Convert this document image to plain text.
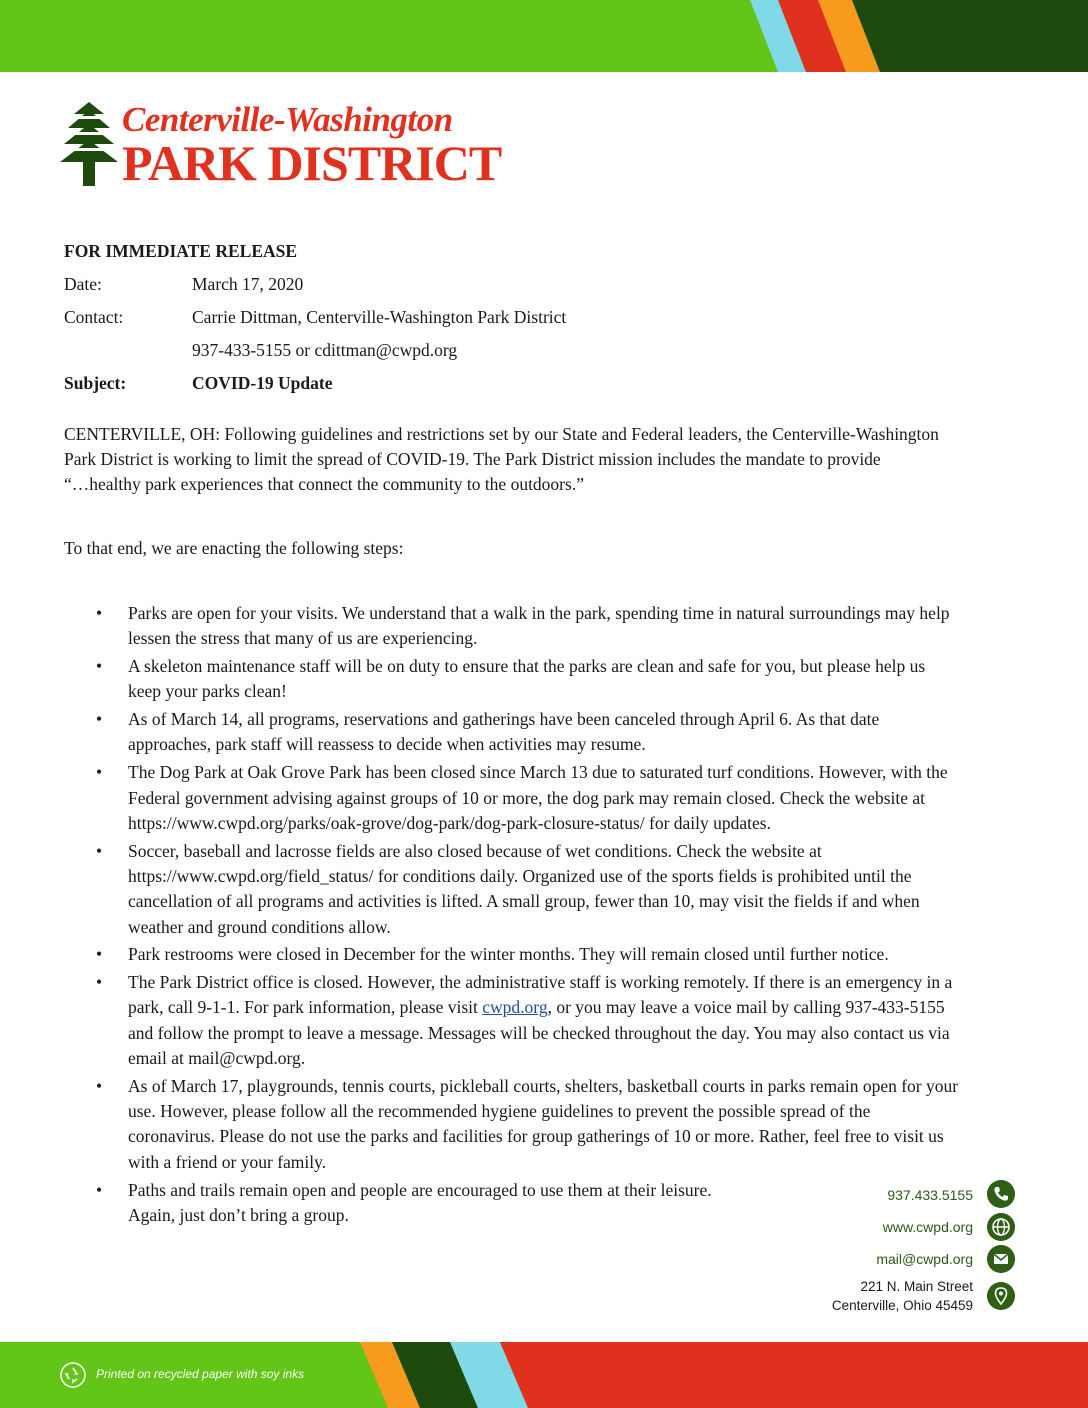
Centerville-Washington
PARK DISTRICT
FOR IMMEDIATE RELEASE
Date:	March 17, 2020
Contact:	Carrie Dittman, Centerville-Washington Park District
937-433-5155 or cdittman@cwpd.org
Subject:	COVID-19 Update

CENTERVILLE, OH: Following guidelines and restrictions set by our State and Federal leaders, the Centerville-Washington

Park District is working to limit the spread of COVID-19. The Park District mission includes the mandate to provide

“…healthy park experiences that connect the community to the outdoors.”

To that end, we are enacting the following steps:
• Parks are open for your visits. We understand that a walk in the park, spending time in natural surroundings may help
lessen the stress that many of us are experiencing.
• A skeleton maintenance staff will be on duty to ensure that the parks are clean and safe for you, but please help us
keep your parks clean!
• As of March 14, all programs, reservations and gatherings have been canceled through April 6. As that date
approaches, park staff will reassess to decide when activities may resume.
• The Dog Park at Oak Grove Park has been closed since March 13 due to saturated turf conditions. However, with the
Federal government advising against groups of 10 or more, the dog park may remain closed. Check the website at
https://www.cwpd.org/parks/oak-grove/dog-park/dog-park-closure-status/ for daily updates.
• Soccer, baseball and lacrosse fields are also closed because of wet conditions. Check the website at
https://www.cwpd.org/field_status/ for conditions daily. Organized use of the sports fields is prohibited until the
cancellation of all programs and activities is lifted. A small group, fewer than 10, may visit the fields if and when
weather and ground conditions allow.
• Park restrooms were closed in December for the winter months. They will remain closed until further notice.
• The Park District office is closed. However, the administrative staff is working remotely. If there is an emergency in a
park, call 9-1-1. For park information, please visit cwpd.org, or you may leave a voice mail by calling 937-433-5155
and follow the prompt to leave a message. Messages will be checked throughout the day. You may also contact us via
email at mail@cwpd.org.
• As of March 17, playgrounds, tennis courts, pickleball courts, shelters, basketball courts in parks remain open for your
use. However, please follow all the recommended hygiene guidelines to prevent the possible spread of the
coronavirus. Please do not use the parks and facilities for group gatherings of 10 or more. Rather, feel free to visit us
with a friend or your family.
• Paths and trails remain open and people are encouraged to use them at their leisure.
Again, just don’t bring a group.
937.433.5155
www.cwpd.org
mail@cwpd.org
221 N. Main Street
Centerville, Ohio 45459
Printed on recycled paper with soy inks
